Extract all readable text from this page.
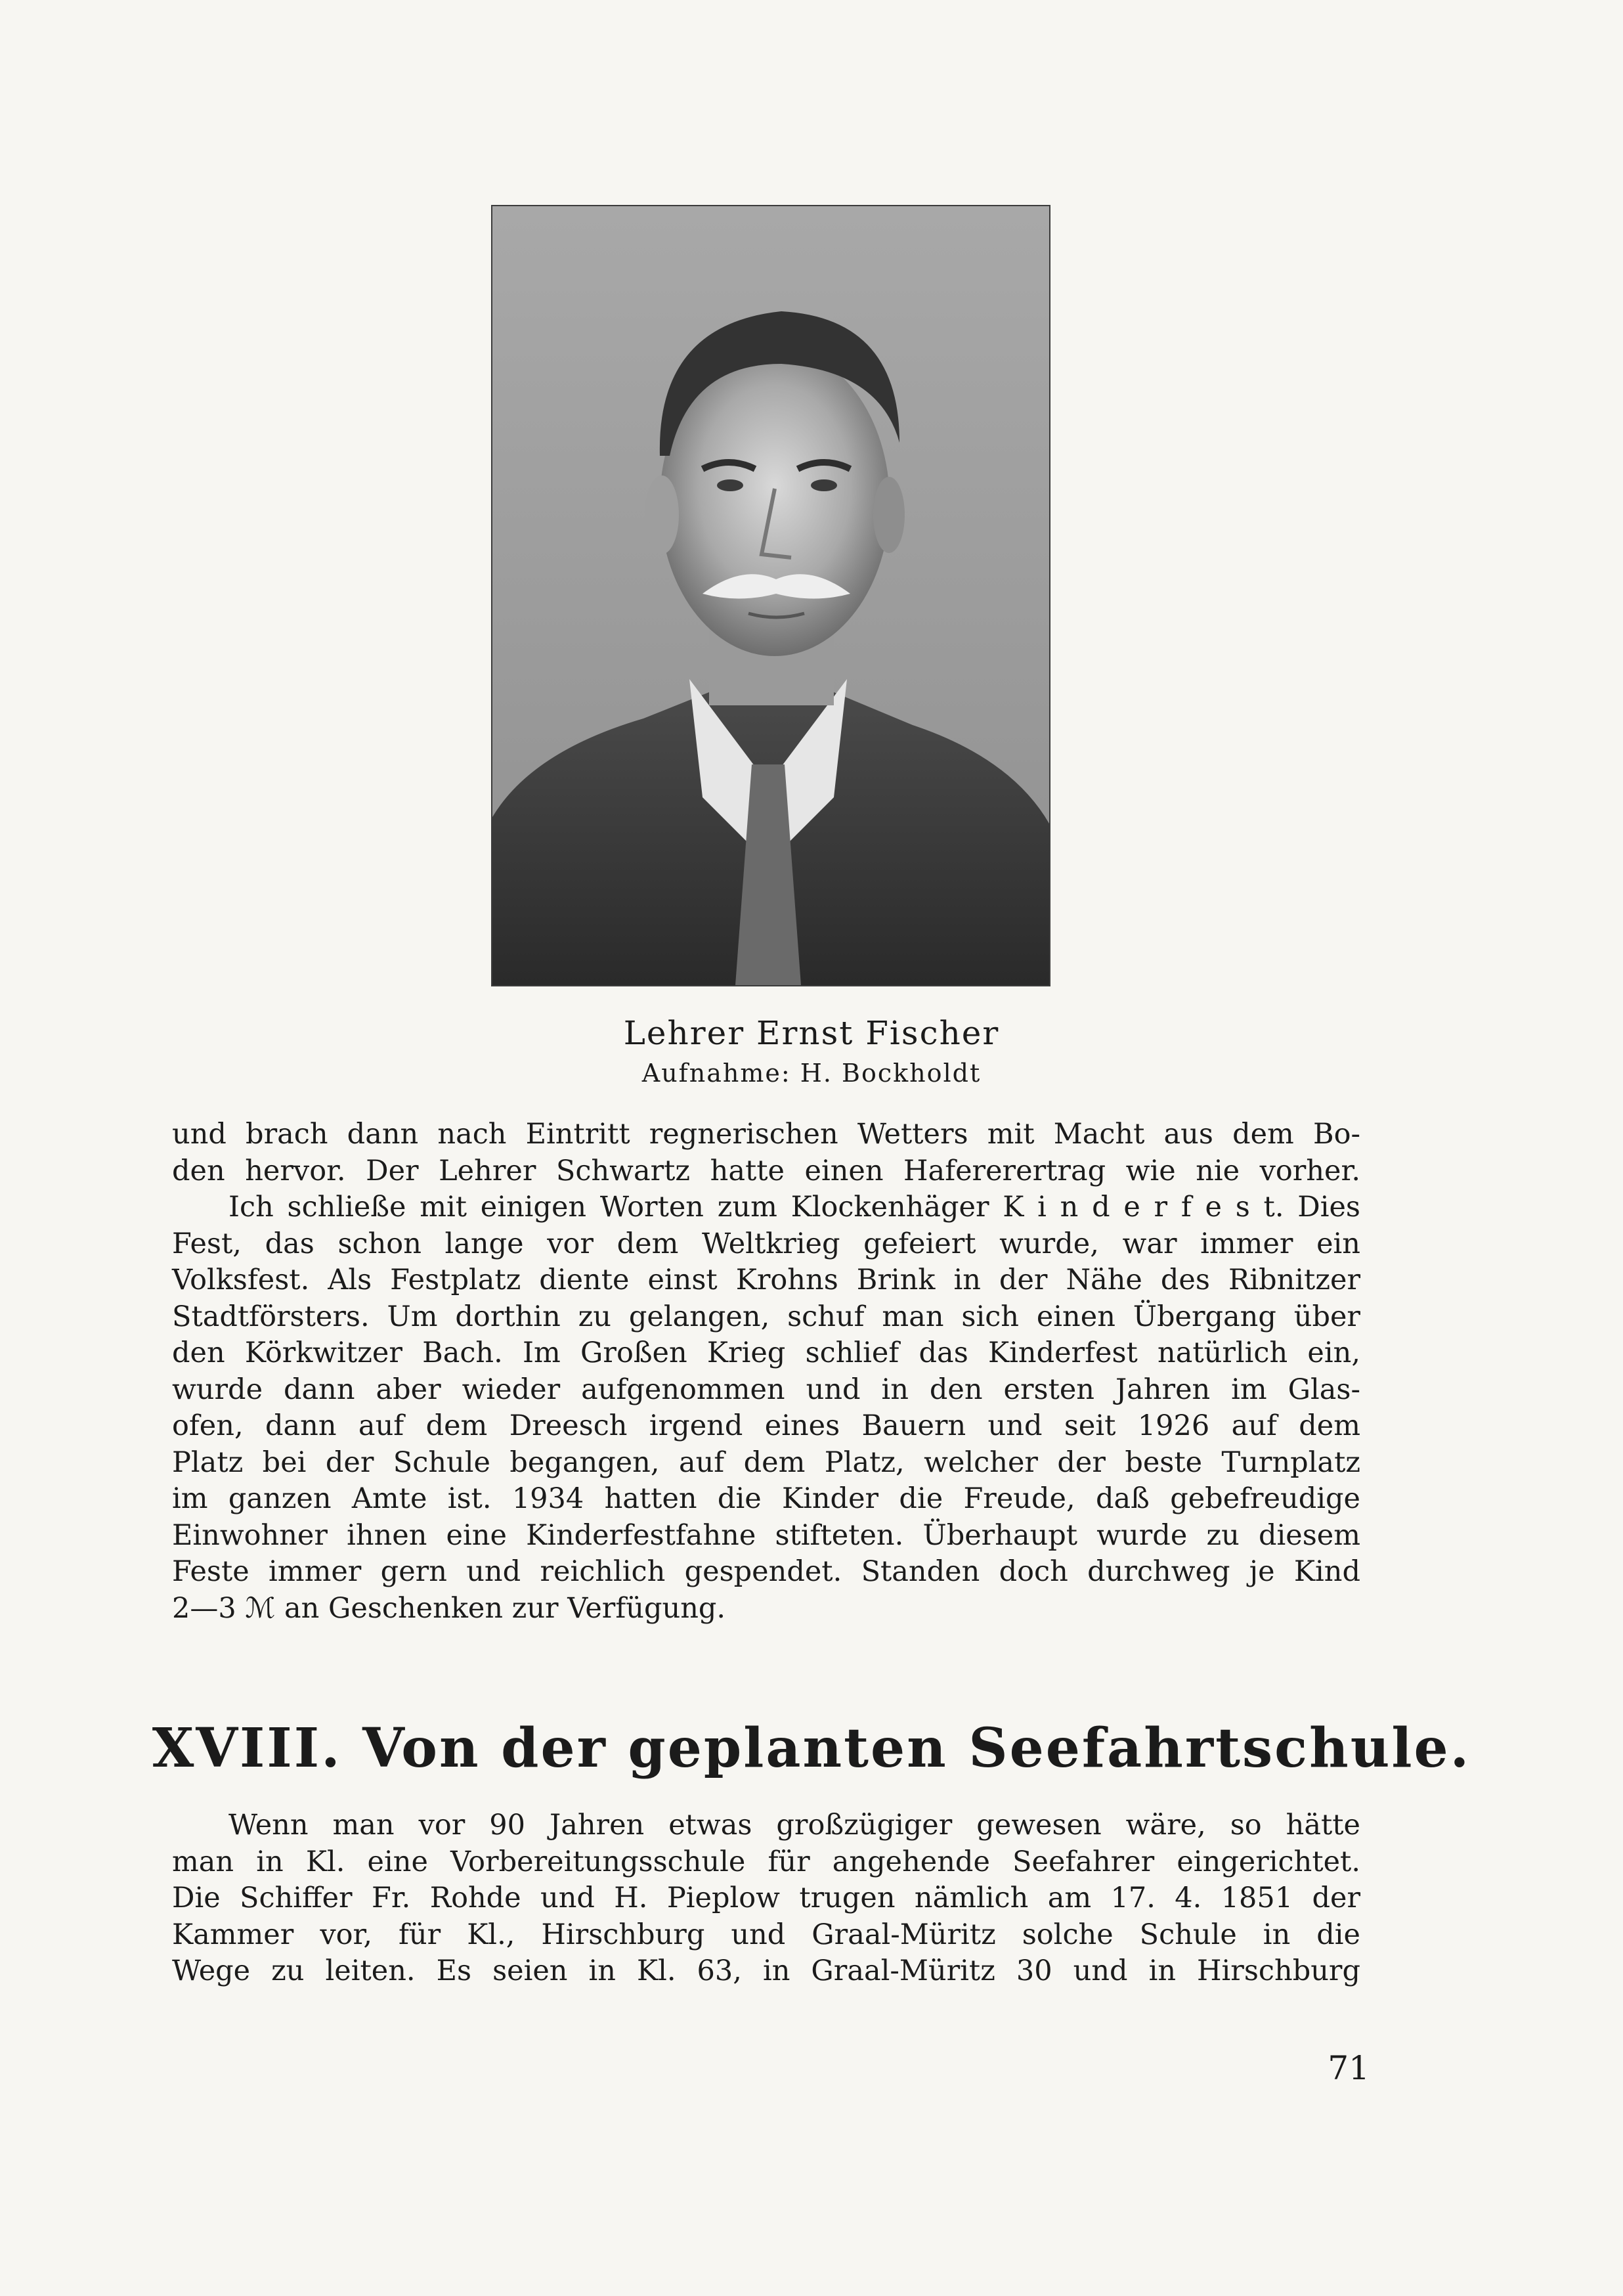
Lehrer Ernst Fischer
Aufnahme: H. Bockholdt
und brach dann nach Eintritt regnerischen Wetters mit Macht aus dem Bo-
den hervor. Der Lehrer Schwartz hatte einen Hafererertrag wie nie vorher.
Ich schließe mit einigen Worten zum Klockenhäger K i n d e r f e s t. Dies
Fest, das schon lange vor dem Weltkrieg gefeiert wurde, war immer ein
Volksfest. Als Festplatz diente einst Krohns Brink in der Nähe des Ribnitzer
Stadtförsters. Um dorthin zu gelangen, schuf man sich einen Übergang über
den Körkwitzer Bach. Im Großen Krieg schlief das Kinderfest natürlich ein,
wurde dann aber wieder aufgenommen und in den ersten Jahren im Glas-
ofen, dann auf dem Dreesch irgend eines Bauern und seit 1926 auf dem
Platz bei der Schule begangen, auf dem Platz, welcher der beste Turnplatz
im ganzen Amte ist. 1934 hatten die Kinder die Freude, daß gebefreudige
Einwohner ihnen eine Kinderfestfahne stifteten. Überhaupt wurde zu diesem
Feste immer gern und reichlich gespendet. Standen doch durchweg je Kind
2—3 ℳ an Geschenken zur Verfügung.
XVIII. Von der geplanten Seefahrtschule.
Wenn man vor 90 Jahren etwas großzügiger gewesen wäre, so hätte
man in Kl. eine Vorbereitungsschule für angehende Seefahrer eingerichtet.
Die Schiffer Fr. Rohde und H. Pieplow trugen nämlich am 17. 4. 1851 der
Kammer vor, für Kl., Hirschburg und Graal-Müritz solche Schule in die
Wege zu leiten. Es seien in Kl. 63, in Graal-Müritz 30 und in Hirschburg
71
